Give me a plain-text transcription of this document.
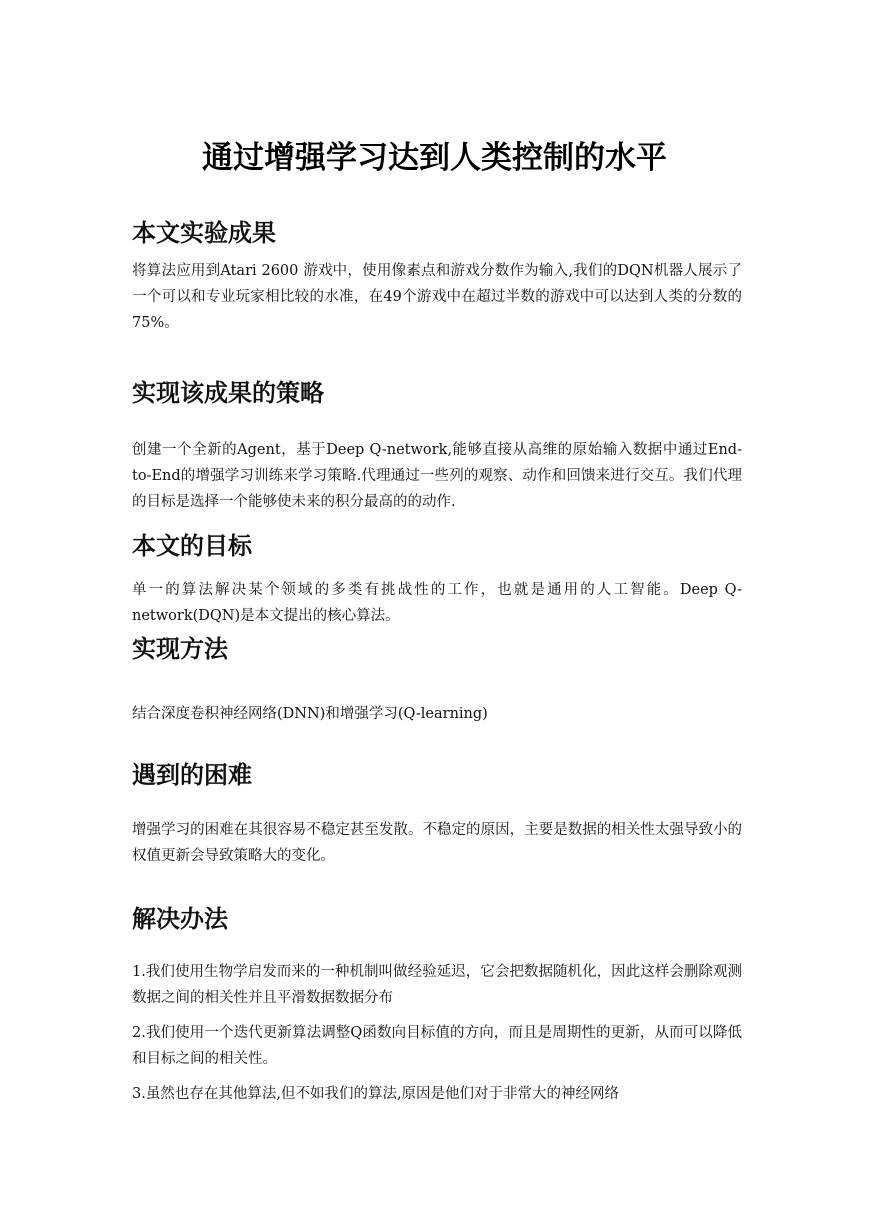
通过增强学习达到人类控制的水平
本文实验成果

将算法应用到Atari 2600 游戏中，使用像素点和游戏分数作为输入,我们的DQN机器人展示了一个可以和专业玩家相比较的水准，在49个游戏中在超过半数的游戏中可以达到人类的分数的75%。

实现该成果的策略

创建一个全新的Agent，基于Deep Q-network,能够直接从高维的原始输入数据中通过End-to-End的增强学习训练来学习策略.代理通过一些列的观察、动作和回馈来进行交互。我们代理的目标是选择一个能够使未来的积分最高的的动作.

本文的目标

单一的算法解决某个领域的多类有挑战性的工作，也就是通用的人工智能。Deep Q-network(DQN)是本文提出的核心算法。

实现方法

结合深度卷积神经网络(DNN)和增强学习(Q-learning)

遇到的困难

增强学习的困难在其很容易不稳定甚至发散。不稳定的原因，主要是数据的相关性太强导致小的权值更新会导致策略大的变化。

解决办法

1.我们使用生物学启发而来的一种机制叫做经验延迟，它会把数据随机化，因此这样会删除观测数据之间的相关性并且平滑数据数据分布

2.我们使用一个迭代更新算法调整Q函数向目标值的方向，而且是周期性的更新，从而可以降低和目标之间的相关性。

3.虽然也存在其他算法,但不如我们的算法,原因是他们对于非常大的神经网络
